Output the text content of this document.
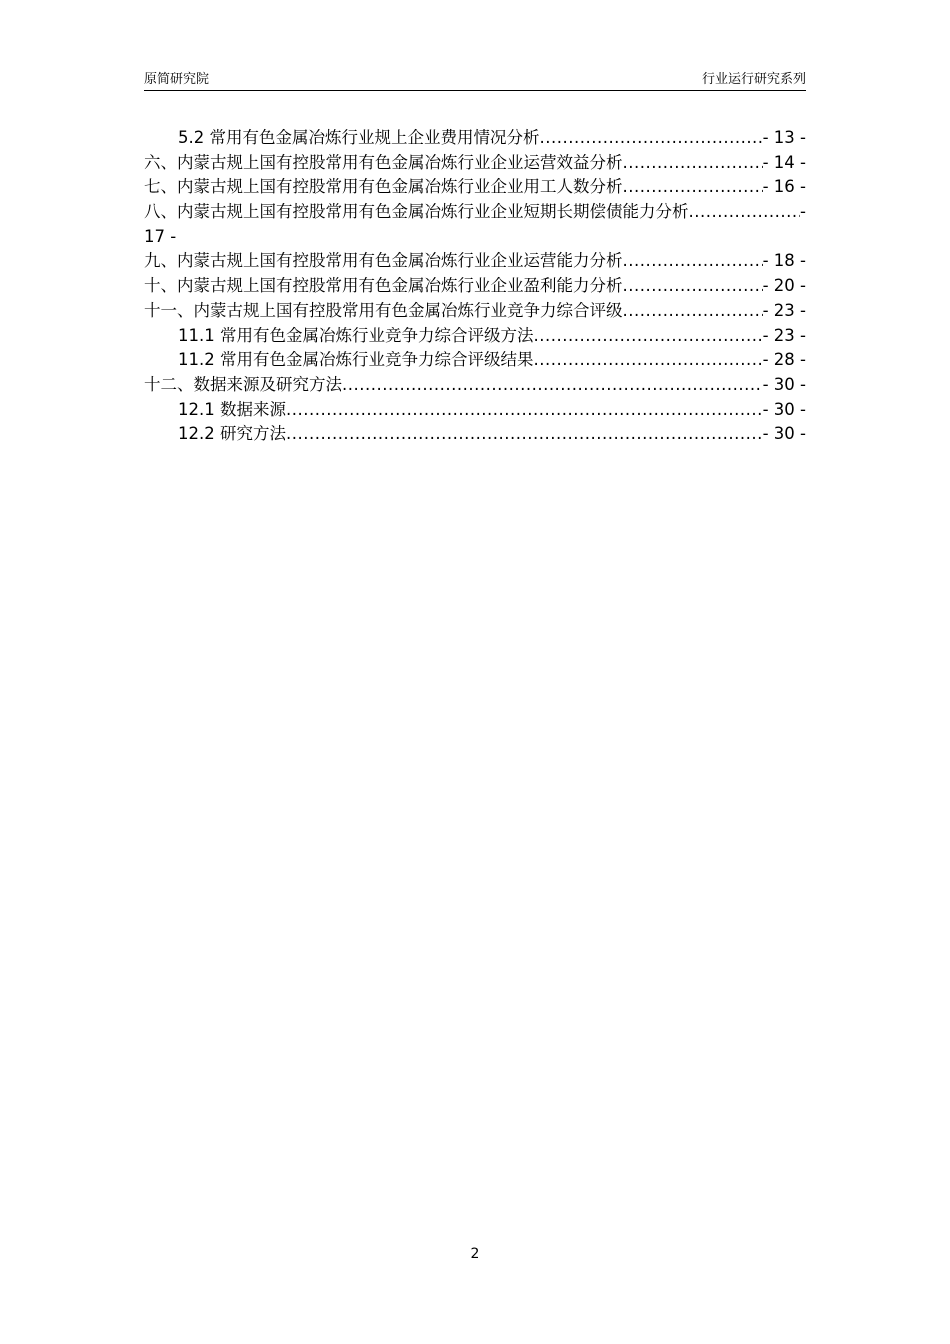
原简研究院	行业运行研究系列
5.2 常用有色金属冶炼行业规上企业费用情况分析 .....	- 13 -
六、内蒙古规上国有控股常用有色金属冶炼行业企业运营效益分析 .....	- 14 -
七、内蒙古规上国有控股常用有色金属冶炼行业企业用工人数分析 .....	- 16 -
八、内蒙古规上国有控股常用有色金属冶炼行业企业短期长期偿债能力分析 .....	-
17 -
九、内蒙古规上国有控股常用有色金属冶炼行业企业运营能力分析 .....	- 18 -
十、内蒙古规上国有控股常用有色金属冶炼行业企业盈利能力分析 .....	- 20 -
十一、内蒙古规上国有控股常用有色金属冶炼行业竞争力综合评级 .....	- 23 -
11.1 常用有色金属冶炼行业竞争力综合评级方法 .....	- 23 -
11.2 常用有色金属冶炼行业竞争力综合评级结果 .....	- 28 -
十二、数据来源及研究方法 .....	- 30 -
12.1 数据来源 .....	- 30 -
12.2 研究方法 .....	- 30 -
2
